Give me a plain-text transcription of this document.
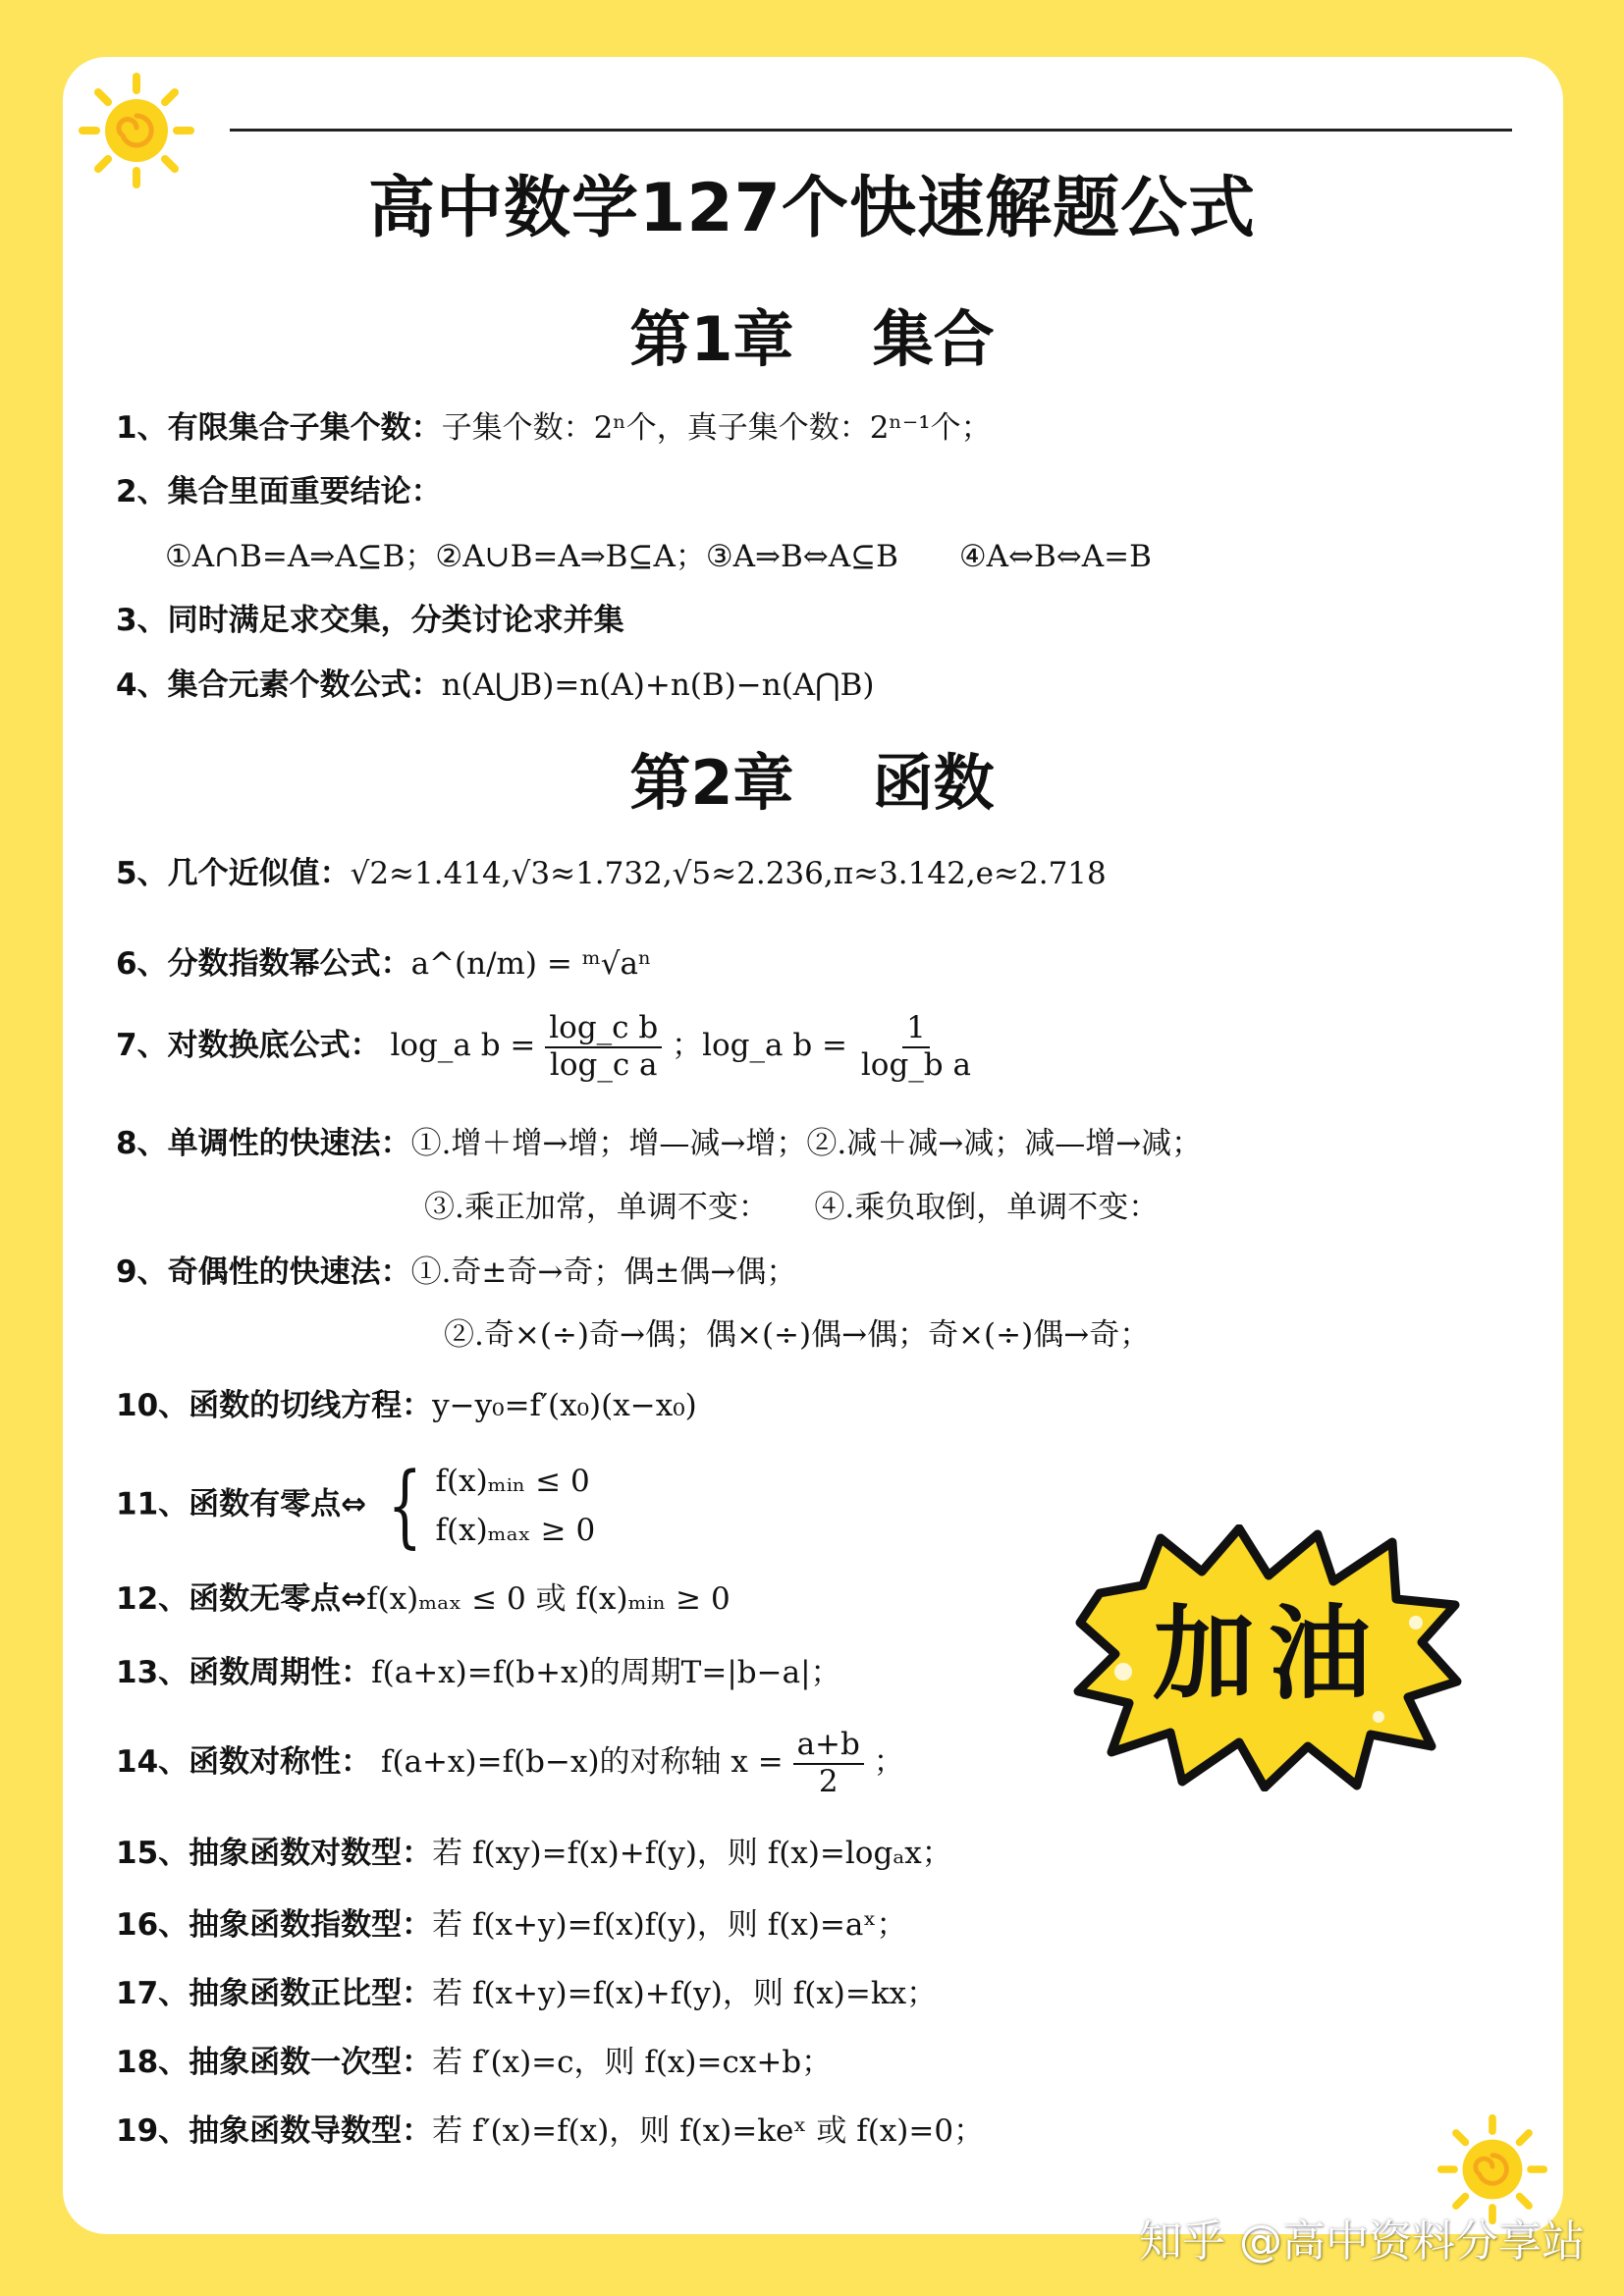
高中数学127个快速解题公式
第1章 集合
1、有限集合子集个数：子集个数：2ⁿ个，真子集个数：2ⁿ⁻¹个；
2、集合里面重要结论：
①A∩B=A⇒A⊆B；②A∪B=A⇒B⊆A；③A⇒B⇔A⊆B　　④A⇔B⇔A=B
3、同时满足求交集，分类讨论求并集
4、集合元素个数公式：n(A⋃B)=n(A)+n(B)−n(A⋂B)
第2章 函数
5、几个近似值：√2≈1.414,√3≈1.732,√5≈2.236,π≈3.142,e≈2.718
6、分数指数幂公式：a^(n/m) = ᵐ√aⁿ
7、对数换底公式： log_a $b = \frac{\text{log\_c b}}{\text{log\_c a}}$ ；log_a $b = \frac{1}{\text{log\_b a}}$
8、单调性的快速法：①.增＋增→增；增—减→增；②.减＋减→减；减—增→减；
③.乘正加常，单调不变：　　④.乘负取倒，单调不变：
9、奇偶性的快速法：①.奇±奇→奇；偶±偶→偶；
②.奇×(÷)奇→偶；偶×(÷)偶→偶；奇×(÷)偶→奇；
10、函数的切线方程：y−y₀=f′(x₀)(x−x₀)
11、函数有零点⇔ { f(x)ₘᵢₙ ≤ 0
f(x)ₘₐₓ ≥ 0
12、函数无零点⇔f(x)ₘₐₓ ≤ 0 或 f(x)ₘᵢₙ ≥ 0
13、函数周期性：f(a+x)=f(b+x)的周期T=|b−a|；
14、函数对称性： f(a+x)=f(b−x)的对称轴 $x = \frac{a+b}{2}$ ；
15、抽象函数对数型：若 f(xy)=f(x)+f(y)，则 f(x)=logₐx；
16、抽象函数指数型：若 f(x+y)=f(x)f(y)，则 f(x)=aˣ；
17、抽象函数正比型：若 f(x+y)=f(x)+f(y)，则 f(x)=kx；
18、抽象函数一次型：若 f′(x)=c，则 f(x)=cx+b；
19、抽象函数导数型：若 f′(x)=f(x)，则 f(x)=keˣ 或 f(x)=0；
加油
知乎 @高中资料分享站
